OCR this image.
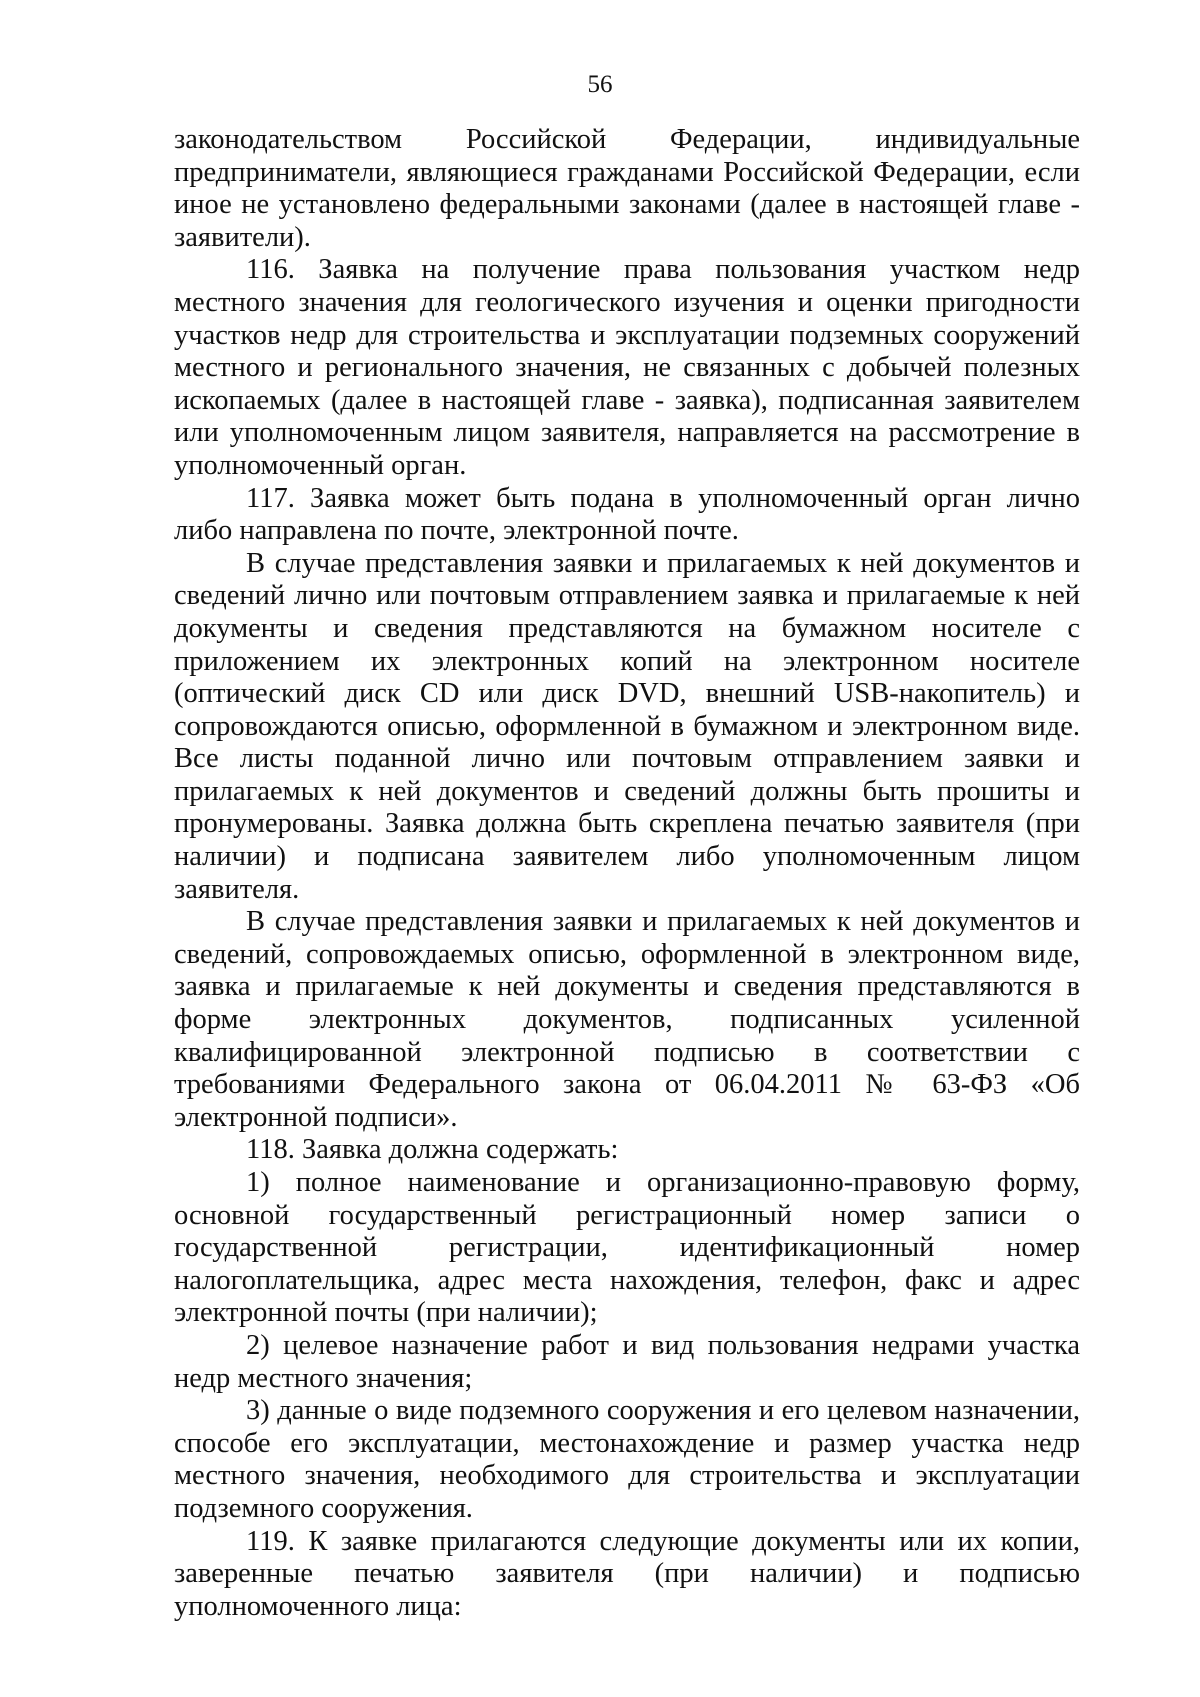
56

законодательством Российской Федерации, индивидуальные предприниматели, являющиеся гражданами Российской Федерации, если иное не установлено федеральными законами (далее в настоящей главе - заявители).

116. Заявка на получение права пользования участком недр местного значения для геологического изучения и оценки пригодности участков недр для строительства и эксплуатации подземных сооружений местного и регионального значения, не связанных с добычей полезных ископаемых (далее в настоящей главе - заявка), подписанная заявителем или уполномоченным лицом заявителя, направляется на рассмотрение в уполномоченный орган.

117. Заявка может быть подана в уполномоченный орган лично либо направлена по почте, электронной почте.

В случае представления заявки и прилагаемых к ней документов и сведений лично или почтовым отправлением заявка и прилагаемые к ней документы и сведения представляются на бумажном носителе с приложением их электронных копий на электронном носителе (оптический диск CD или диск DVD, внешний USB-накопитель) и сопровождаются описью, оформленной в бумажном и электронном виде. Все листы поданной лично или почтовым отправлением заявки и прилагаемых к ней документов и сведений должны быть прошиты и пронумерованы. Заявка должна быть скреплена печатью заявителя (при наличии) и подписана заявителем либо уполномоченным лицом заявителя.

В случае представления заявки и прилагаемых к ней документов и сведений, сопровождаемых описью, оформленной в электронном виде, заявка и прилагаемые к ней документы и сведения представляются в форме электронных документов, подписанных усиленной квалифицированной электронной подписью в соответствии с требованиями Федерального закона от 06.04.2011 № 63-ФЗ «Об электронной подписи».

118. Заявка должна содержать:

1) полное наименование и организационно-правовую форму, основной государственный регистрационный номер записи о государственной регистрации, идентификационный номер налогоплательщика, адрес места нахождения, телефон, факс и адрес электронной почты (при наличии);

2) целевое назначение работ и вид пользования недрами участка недр местного значения;

3) данные о виде подземного сооружения и его целевом назначении, способе его эксплуатации, местонахождение и размер участка недр местного значения, необходимого для строительства и эксплуатации подземного сооружения.

119. К заявке прилагаются следующие документы или их копии, заверенные печатью заявителя (при наличии) и подписью уполномоченного лица:
